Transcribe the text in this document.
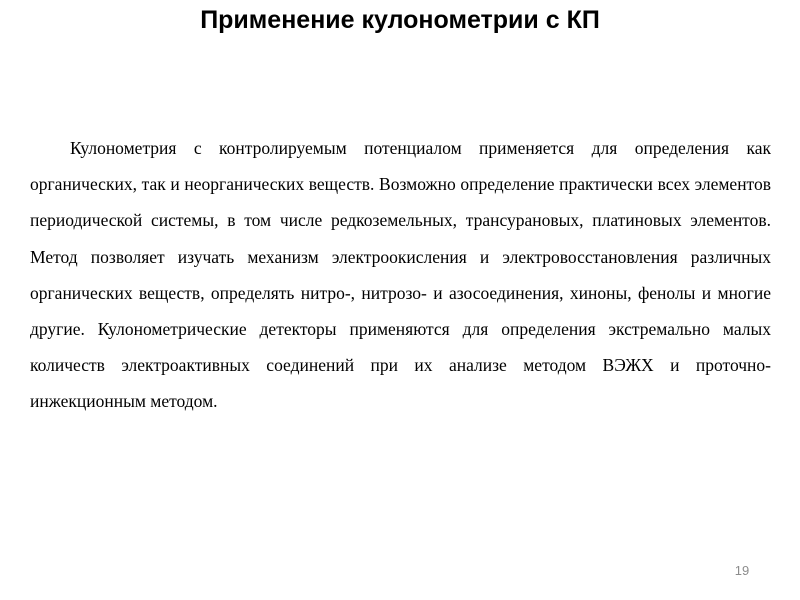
Применение кулонометрии с КП

Кулонометрия с контролируемым потенциалом применяется для определения как органических, так и неорганических веществ. Возможно определение практически всех элементов периодической системы, в том числе редкоземельных, трансурановых, платиновых элементов. Метод позволяет изучать механизм электроокисления и электровосстановления различных органических веществ, определять нитро-, нитрозо- и азосоединения, хиноны, фенолы и многие другие. Кулонометрические детекторы применяются для определения экстремально малых количеств электроактивных соединений при их анализе методом ВЭЖХ и проточно-инжекционным методом.

19
